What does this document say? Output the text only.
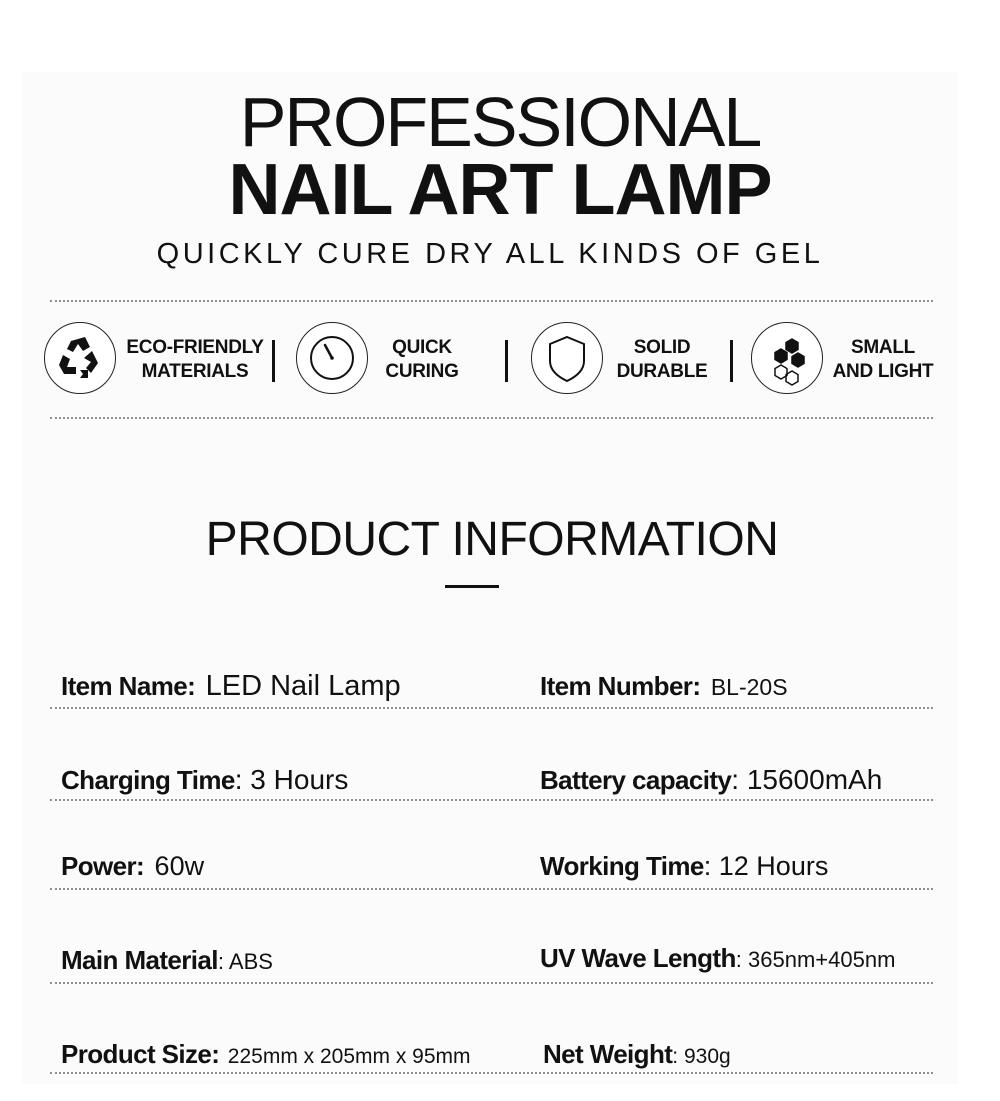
PROFESSIONAL
NAIL ART LAMP
QUICKLY CURE DRY ALL KINDS OF GEL
ECO-FRIENDLY
MATERIALS
QUICK
CURING
SOLID
DURABLE
SMALL
AND LIGHT
PRODUCT INFORMATION
Item Name: LED Nail Lamp	Item Number: BL-20S
Charging Time: 3 Hours	Battery capacity: 15600mAh
Power: 60w	Working Time: 12 Hours
Main Material: ABS	UV Wave Length: 365nm+405nm
Product Size: 225mm x 205mm x 95mm	Net Weight: 930g
